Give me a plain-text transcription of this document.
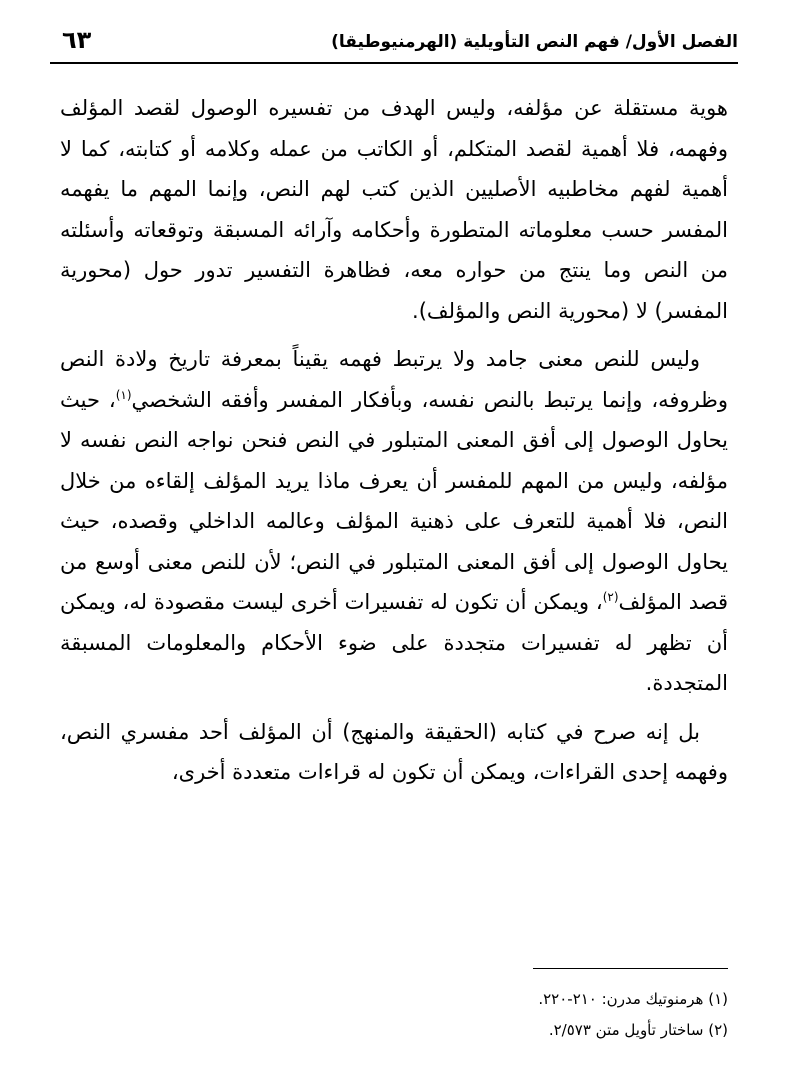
الفصل الأول/ فهم النص التأويلية (الهرمنيوطيقا)
٦٣

هوية مستقلة عن مؤلفه، وليس الهدف من تفسيره الوصول لقصد المؤلف وفهمه، فلا أهمية لقصد المتكلم، أو الكاتب من عمله وكلامه أو كتابته، كما لا أهمية لفهم مخاطبيه الأصليين الذين كتب لهم النص، وإنما المهم ما يفهمه المفسر حسب معلوماته المتطورة وأحكامه وآرائه المسبقة وتوقعاته وأسئلته من النص وما ينتج من حواره معه، فظاهرة التفسير تدور حول (محورية المفسر) لا (محورية النص والمؤلف).

وليس للنص معنى جامد ولا يرتبط فهمه يقيناً بمعرفة تاريخ ولادة النص وظروفه، وإنما يرتبط بالنص نفسه، وبأفكار المفسر وأفقه الشخصي$^{(١)}$، حيث يحاول الوصول إلى أفق المعنى المتبلور في النص فنحن نواجه النص نفسه لا مؤلفه، وليس من المهم للمفسر أن يعرف ماذا يريد المؤلف إلقاءه من خلال النص، فلا أهمية للتعرف على ذهنية المؤلف وعالمه الداخلي وقصده، حيث يحاول الوصول إلى أفق المعنى المتبلور في النص؛ لأن للنص معنى أوسع من قصد المؤلف$^{(٢)}$، ويمكن أن تكون له تفسيرات أخرى ليست مقصودة له، ويمكن أن تظهر له تفسيرات متجددة على ضوء الأحكام والمعلومات المسبقة المتجددة.

بل إنه صرح في كتابه (الحقيقة والمنهج) أن المؤلف أحد مفسري النص، وفهمه إحدى القراءات، ويمكن أن تكون له قراءات متعددة أخرى،

(١) هرمنوتيك مدرن: ٢١٠-٢٢٠.
(٢) ساختار تأويل متن ٢/٥٧٣.
